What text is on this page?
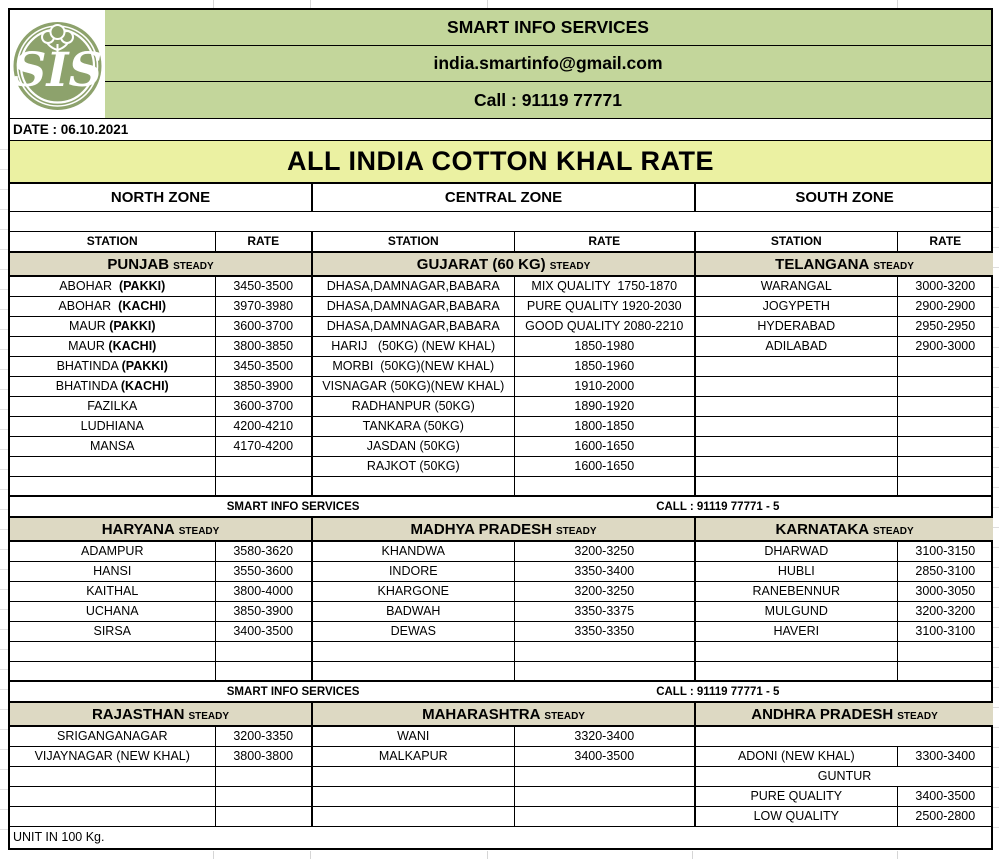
SIS
SMART INFO SERVICES
india.smartinfo@gmail.com
Call : 91119 77771
DATE : 06.10.2021
ALL INDIA COTTON KHAL RATE
NORTH ZONE		CENTRAL ZONE		SOUTH ZONE	

STATION	RATE	STATION	RATE	STATION	RATE
PUNJAB STEADY		GUJARAT (60 KG) STEADY		TELANGANA STEADY	
ABOHAR  (PAKKI)	3450-3500	DHASA,DAMNAGAR,BABARA	MIX QUALITY  1750-1870	WARANGAL	3000-3200
ABOHAR  (KACHI)	3970-3980	DHASA,DAMNAGAR,BABARA	PURE QUALITY 1920-2030	JOGYPETH	2900-2900
MAUR (PAKKI)	3600-3700	DHASA,DAMNAGAR,BABARA	GOOD QUALITY 2080-2210	HYDERABAD	2950-2950
MAUR (KACHI)	3800-3850	HARIJ   (50KG) (NEW KHAL)	1850-1980	ADILABAD	2900-3000
BHATINDA (PAKKI)	3450-3500	MORBI  (50KG)(NEW KHAL)	1850-1960		
BHATINDA (KACHI)	3850-3900	VISNAGAR (50KG)(NEW KHAL)	1910-2000		
FAZILKA	3600-3700	RADHANPUR (50KG)	1890-1920		
LUDHIANA	4200-4210	TANKARA (50KG)	1800-1850		
MANSA	4170-4200	JASDAN (50KG)	1600-1650		
		RAJKOT (50KG)	1600-1650		

SMART INFO SERVICES CALL : 91119 77771 - 5					

HARYANA STEADY		MADHYA PRADESH STEADY		KARNATAKA STEADY	
ADAMPUR	3580-3620	KHANDWA	3200-3250	DHARWAD	3100-3150
HANSI	3550-3600	INDORE	3350-3400	HUBLI	2850-3100
KAITHAL	3800-4000	KHARGONE	3200-3250	RANEBENNUR	3000-3050
UCHANA	3850-3900	BADWAH	3350-3375	MULGUND	3200-3200
SIRSA	3400-3500	DEWAS	3350-3350	HAVERI	3100-3100

SMART INFO SERVICES CALL : 91119 77771 - 5					

RAJASTHAN STEADY		MAHARASHTRA STEADY		ANDHRA PRADESH STEADY	
SRIGANGANAGAR	3200-3350	WANI	3320-3400		
VIJAYNAGAR (NEW KHAL)	3800-3800	MALKAPUR	3400-3500	ADONI (NEW KHAL)	3300-3400
				GUNTUR	
				PURE QUALITY	3400-3500
				LOW QUALITY	2500-2800
UNIT IN 100 Kg.					
